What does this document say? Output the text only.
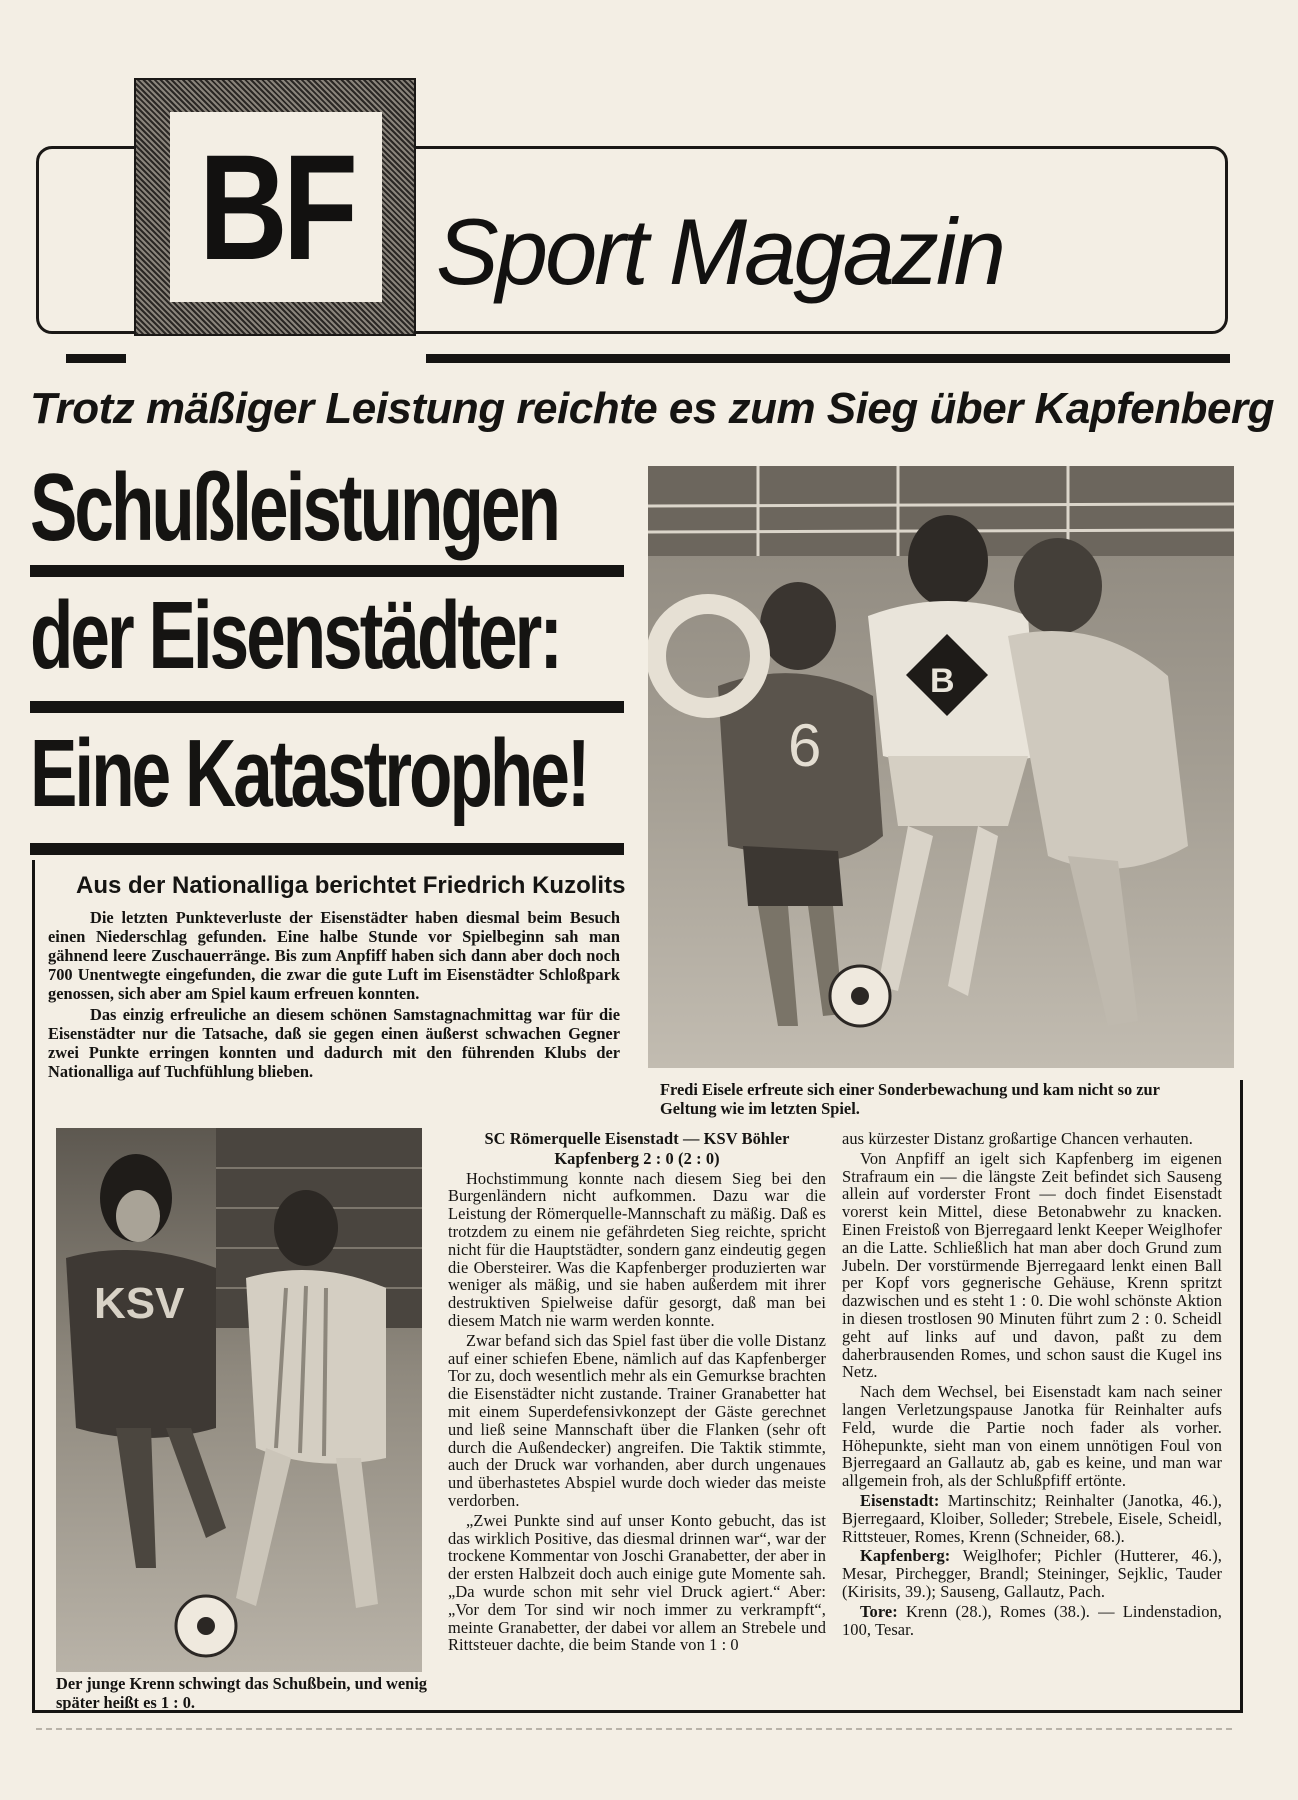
BF Sport Magazin
Trotz mäßiger Leistung reichte es zum Sieg über Kapfenberg
Schußleistungen
der Eisenstädter:
Eine Katastrophe!	6
B
Aus der Nationalliga berichtet Friedrich Kuzolits

Die letzten Punkteverluste der Eisenstädter haben diesmal beim Besuch einen Niederschlag gefunden. Eine halbe Stunde vor Spielbeginn sah man gähnend leere Zuschauerränge. Bis zum Anpfiff haben sich dann aber doch noch 700 Unentwegte eingefunden, die zwar die gute Luft im Eisenstädter Schloßpark genossen, sich aber am Spiel kaum erfreuen konnten.

Das einzig erfreuliche an diesem schönen Samstagnachmittag war für die Eisenstädter nur die Tatsache, daß sie gegen einen äußerst schwachen Gegner zwei Punkte erringen konnten und dadurch mit den führenden Klubs der Nationalliga auf Tuchfühlung blieben.

Fredi Eisele erfreute sich einer Sonderbewachung und kam nicht so zur Geltung wie im letzten Spiel.
KSV
Der junge Krenn schwingt das Schußbein, und wenig später heißt es 1 : 0.

SC Römerquelle Eisenstadt — KSV Böhler

Kapfenberg 2 : 0 (2 : 0)

Hochstimmung konnte nach diesem Sieg bei den Burgenländern nicht aufkommen. Dazu war die Leistung der Römerquelle-Mannschaft zu mäßig. Daß es trotzdem zu einem nie gefährdeten Sieg reichte, spricht nicht für die Hauptstädter, sondern ganz eindeutig gegen die Obersteirer. Was die Kapfenberger produzierten war weniger als mäßig, und sie haben außerdem mit ihrer destruktiven Spielweise dafür gesorgt, daß man bei diesem Match nie warm werden konnte.

Zwar befand sich das Spiel fast über die volle Distanz auf einer schiefen Ebene, nämlich auf das Kapfenberger Tor zu, doch wesentlich mehr als ein Gemurkse brachten die Eisenstädter nicht zustande. Trainer Granabetter hat mit einem Superdefensivkonzept der Gäste gerechnet und ließ seine Mannschaft über die Flanken (sehr oft durch die Außendecker) angreifen. Die Taktik stimmte, auch der Druck war vorhanden, aber durch ungenaues und überhastetes Abspiel wurde doch wieder das meiste verdorben.

„Zwei Punkte sind auf unser Konto gebucht, das ist das wirklich Positive, das diesmal drinnen war“, war der trockene Kommentar von Joschi Granabetter, der aber in der ersten Halbzeit doch auch einige gute Momente sah. „Da wurde schon mit sehr viel Druck agiert.“ Aber: „Vor dem Tor sind wir noch immer zu verkrampft“, meinte Granabetter, der dabei vor allem an Strebele und Rittsteuer dachte, die beim Stande von 1 : 0

aus kürzester Distanz großartige Chancen verhauten.

Von Anpfiff an igelt sich Kapfenberg im eigenen Strafraum ein — die längste Zeit befindet sich Sauseng allein auf vorderster Front — doch findet Eisenstadt vorerst kein Mittel, diese Betonabwehr zu knacken. Einen Freistoß von Bjerregaard lenkt Keeper Weiglhofer an die Latte. Schließlich hat man aber doch Grund zum Jubeln. Der vorstürmende Bjerregaard lenkt einen Ball per Kopf vors gegnerische Gehäuse, Krenn spritzt dazwischen und es steht 1 : 0. Die wohl schönste Aktion in diesen trostlosen 90 Minuten führt zum 2 : 0. Scheidl geht auf links auf und davon, paßt zu dem daherbrausenden Romes, und schon saust die Kugel ins Netz.

Nach dem Wechsel, bei Eisenstadt kam nach seiner langen Verletzungspause Janotka für Reinhalter aufs Feld, wurde die Partie noch fader als vorher. Höhepunkte, sieht man von einem unnötigen Foul von Bjerregaard an Gallautz ab, gab es keine, und man war allgemein froh, als der Schlußpfiff ertönte.

Eisenstadt: Martinschitz; Reinhalter (Janotka, 46.), Bjerregaard, Kloiber, Solleder; Strebele, Eisele, Scheidl, Rittsteuer, Romes, Krenn (Schneider, 68.).

Kapfenberg: Weiglhofer; Pichler (Hutterer, 46.), Mesar, Pirchegger, Brandl; Steininger, Sejklic, Tauder (Kirisits, 39.); Sauseng, Gallautz, Pach.

Tore: Krenn (28.), Romes (38.). — Lindenstadion, 100, Tesar.
